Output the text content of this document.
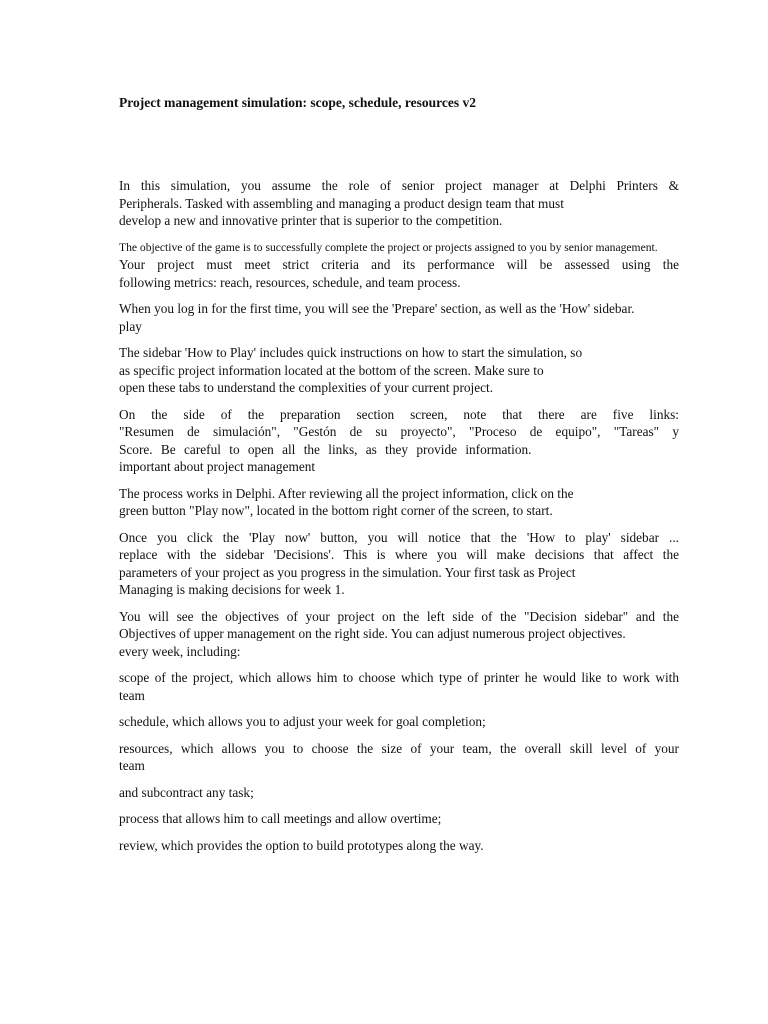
Project management simulation: scope, schedule, resources v2
In this simulation, you assume the role of senior project manager at Delphi Printers &
Peripherals. Tasked with assembling and managing a product design team that must
develop a new and innovative printer that is superior to the competition.
The objective of the game is to successfully complete the project or projects assigned to you by senior management.
Your project must meet strict criteria and its performance will be assessed using the
following metrics: reach, resources, schedule, and team process.
When you log in for the first time, you will see the 'Prepare' section, as well as the 'How' sidebar.
play
The sidebar 'How to Play' includes quick instructions on how to start the simulation, so
as specific project information located at the bottom of the screen. Make sure to
open these tabs to understand the complexities of your current project.
On the side of the preparation section screen, note that there are five links:
"Resumen de simulación", "Gestón de su proyecto", "Proceso de equipo", "Tareas" y
Score. Be careful to open all the links, as they provide information.
important about project management
The process works in Delphi. After reviewing all the project information, click on the
green button "Play now", located in the bottom right corner of the screen, to start.
Once you click the 'Play now' button, you will notice that the 'How to play' sidebar ...
replace with the sidebar 'Decisions'. This is where you will make decisions that affect the
parameters of your project as you progress in the simulation. Your first task as Project
Managing is making decisions for week 1.
You will see the objectives of your project on the left side of the "Decision sidebar" and the
Objectives of upper management on the right side. You can adjust numerous project objectives.
every week, including:
scope of the project, which allows him to choose which type of printer he would like to work with
team
schedule, which allows you to adjust your week for goal completion;
resources, which allows you to choose the size of your team, the overall skill level of your
team
and subcontract any task;
process that allows him to call meetings and allow overtime;
review, which provides the option to build prototypes along the way.
